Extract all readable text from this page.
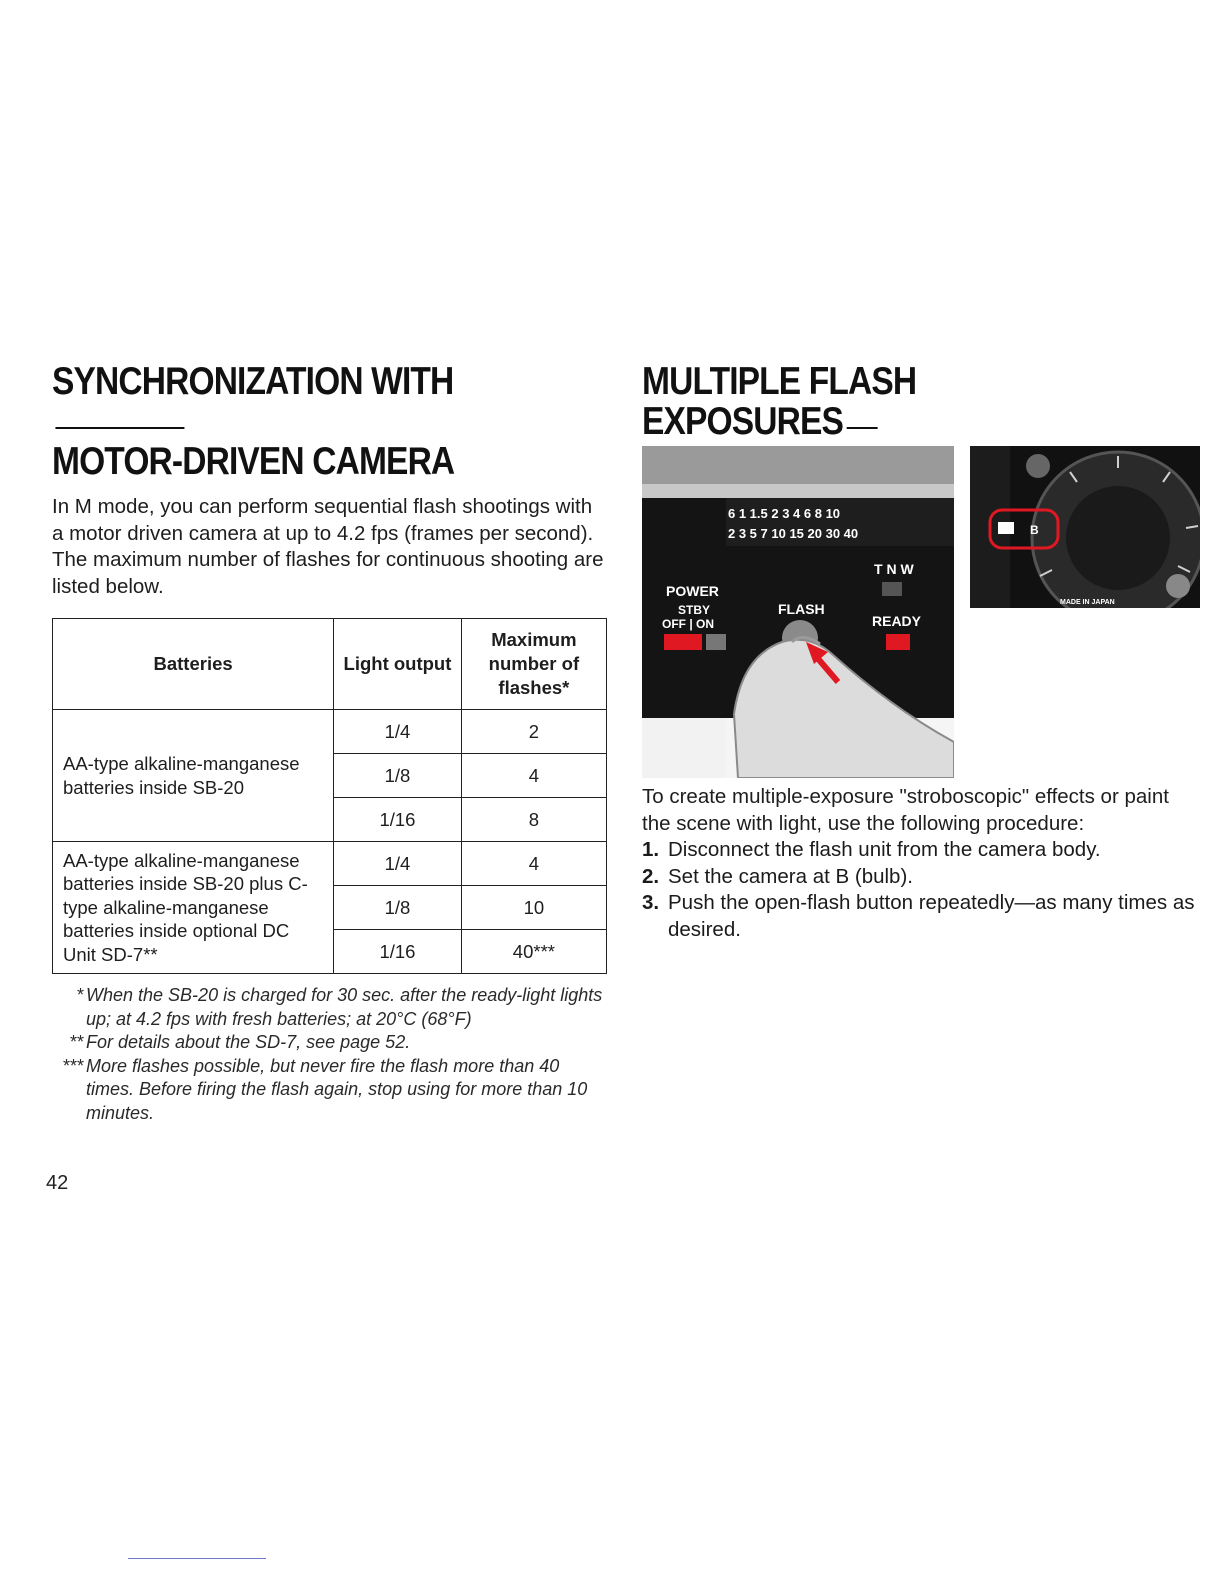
SYNCHRONIZATION WITH
MOTOR-DRIVEN CAMERA

In M mode, you can perform sequential flash shootings with a motor driven camera at up to 4.2 fps (frames per second).

The maximum number of flashes for continuous shooting are listed below.

Batteries	Light output	Maximum number of flashes*
AA-type alkaline-manganese batteries inside SB-20	1/4	2
	1/8	4
	1/16	8
AA-type alkaline-manganese batteries inside SB-20 plus C-type alkaline-manganese batteries inside optional DC Unit SD-7**	1/4	4
	1/8	10
	1/16	40***
* When the SB-20 is charged for 30 sec. after the ready-light lights up; at 4.2 fps with fresh batteries; at 20°C (68°F)
** For details about the SD-7, see page 52.
*** More flashes possible, but never fire the flash more than 40 times. Before firing the flash again, stop using for more than 10 minutes.
42
MULTIPLE FLASH EXPOSURES
6 1 1.5 2 3 4 6 8 10
2 3 5 7 10 15 20 30 40
POWER
STBY
OFF | ON
FLASH
T N W
READY
B
MADE IN JAPAN

To create multiple-exposure "stroboscopic" effects or paint the scene with light, use the following procedure:

1. Disconnect the flash unit from the camera body.
2. Set the camera at B (bulb).
3. Push the open-flash button repeatedly—as many times as desired.
